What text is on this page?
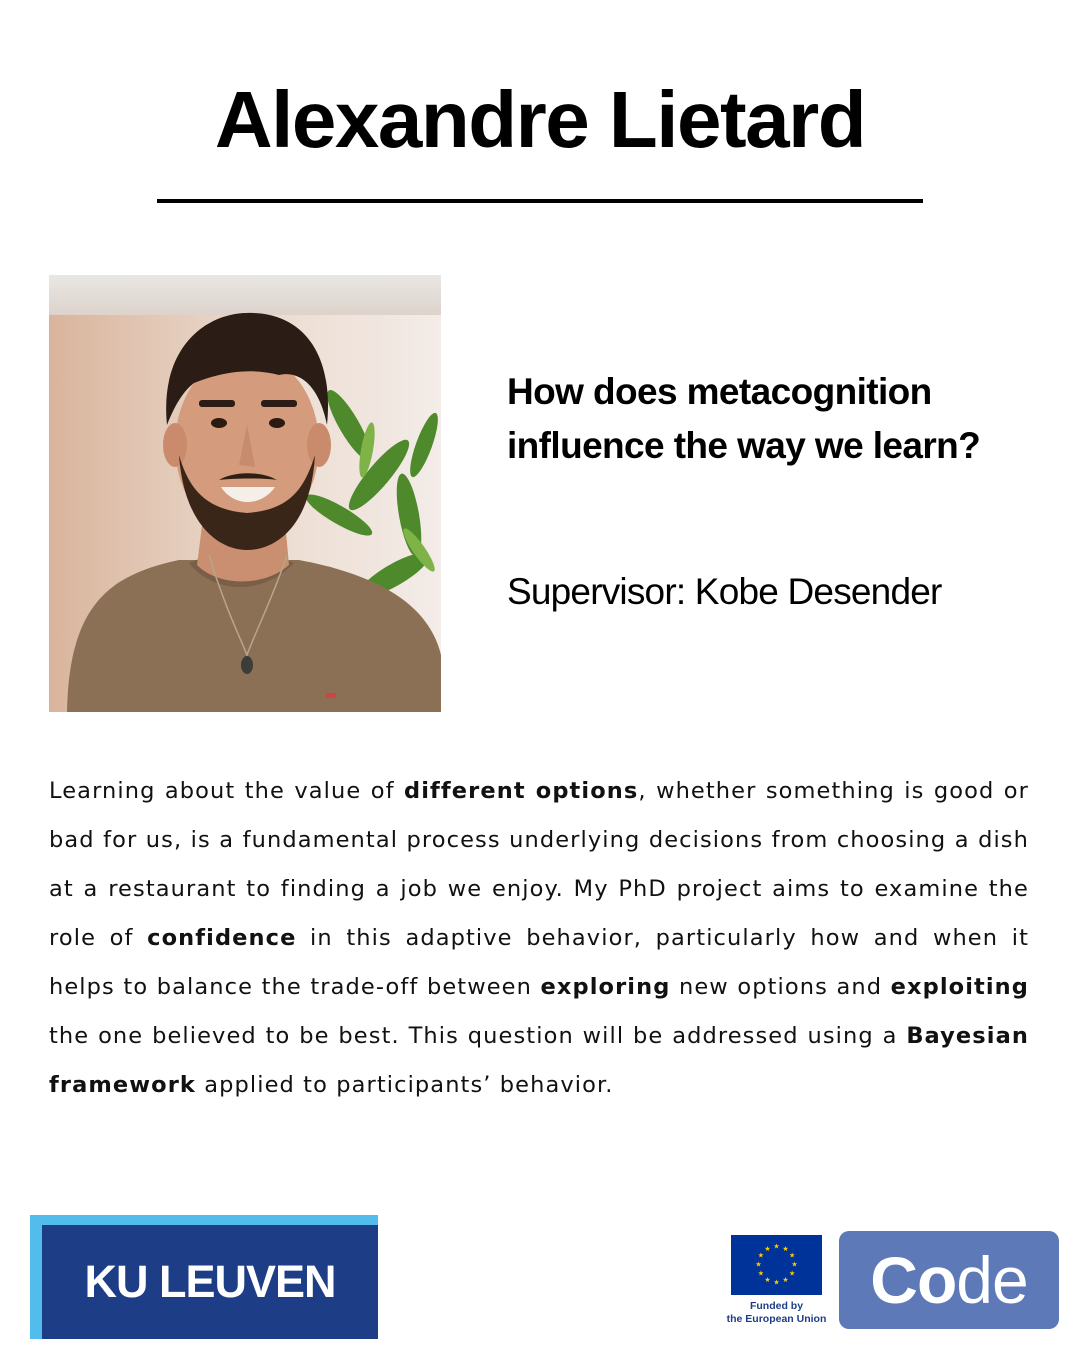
Alexandre Lietard
How does metacognition influence the way we learn?
Supervisor: Kobe Desender
Learning about the value of different options, whether something is good or bad for us, is a fundamental process underlying decisions from choosing a dish at a restaurant to finding a job we enjoy. My PhD project aims to examine the role of confidence in this adaptive behavior, particularly how and when it helps to balance the trade-off between exploring new options and exploiting the one believed to be best. This question will be addressed using a Bayesian framework applied to participants’ behavior.
KU LEUVEN
★ ★
★
★
★
★
★
★
★
★
★
★
Funded by
the European Union
Co de
